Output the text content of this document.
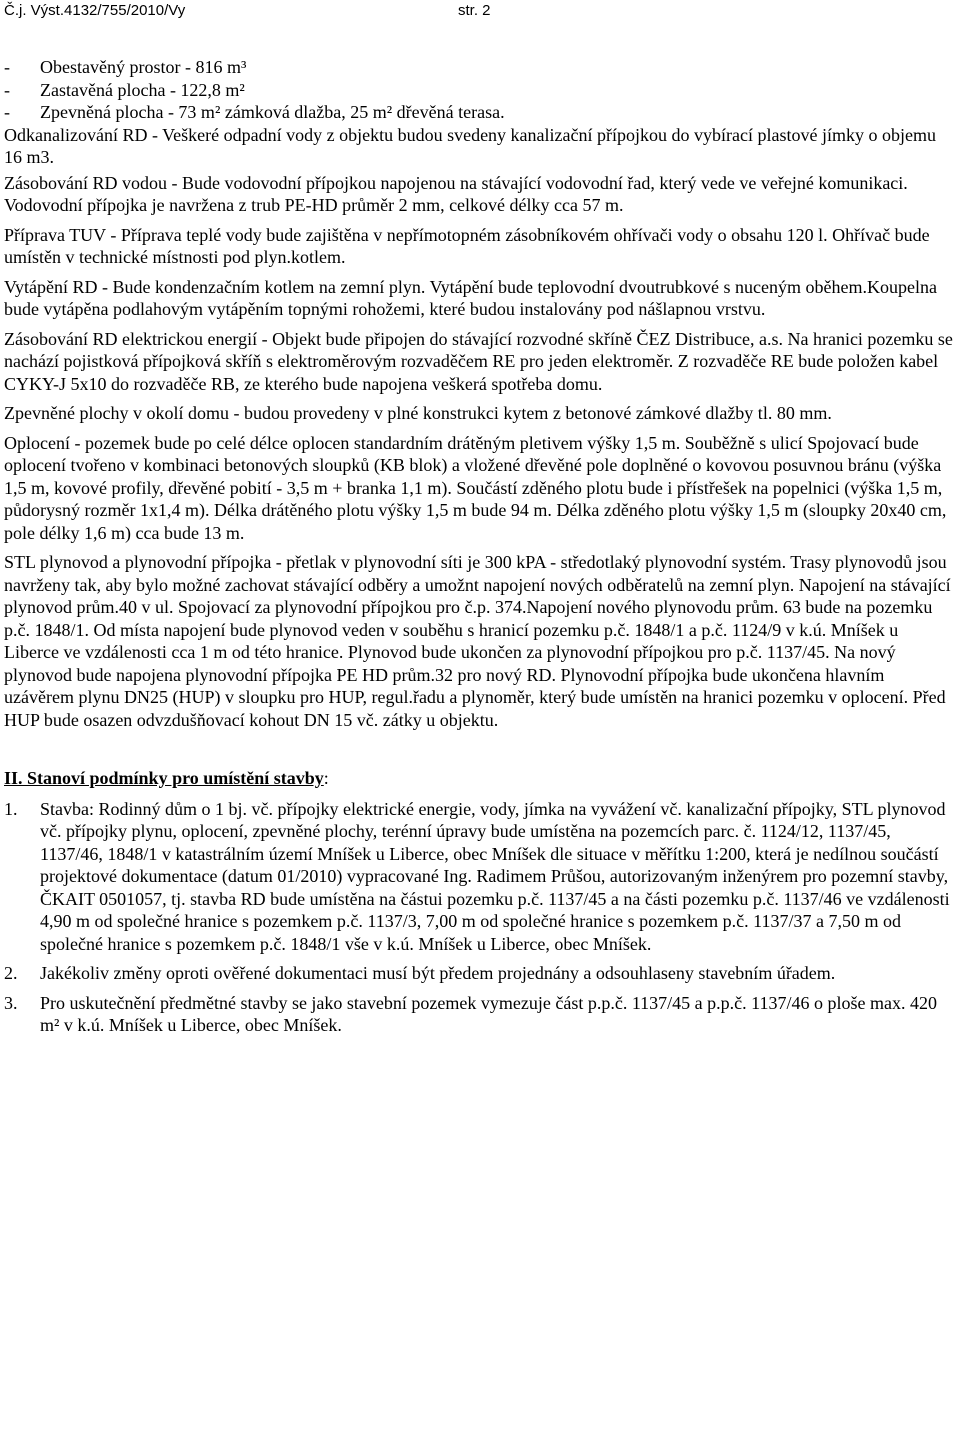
Č.j. Výst.4132/755/2010/Vy	str. 2
-	Obestavěný prostor - 816 m³
-	Zastavěná plocha - 122,8 m²
-	Zpevněná plocha - 73 m² zámková dlažba, 25 m² dřevěná terasa.

Odkanalizování RD - Veškeré odpadní vody z objektu budou svedeny kanalizační přípojkou do vybírací plastové jímky o objemu 16 m3.

Zásobování RD vodou - Bude vodovodní přípojkou napojenou na stávající vodovodní řad, který vede ve veřejné komunikaci. Vodovodní přípojka je navržena z trub PE-HD průměr 2 mm, celkové délky cca 57 m.

Příprava TUV - Příprava teplé vody bude zajištěna v nepřímotopném zásobníkovém ohřívači vody o obsahu 120 l. Ohřívač bude umístěn v technické místnosti pod plyn.kotlem.

Vytápění RD - Bude kondenzačním kotlem na zemní plyn. Vytápění bude teplovodní dvoutrubkové s nuceným oběhem.Koupelna bude vytápěna podlahovým vytápěním topnými rohožemi, které budou instalovány pod nášlapnou vrstvu.

Zásobování RD elektrickou energií - Objekt bude připojen do stávající rozvodné skříně ČEZ Distribuce, a.s. Na hranici pozemku se nachází pojistková přípojková skříň s elektroměrovým rozvaděčem RE pro jeden elektroměr. Z rozvaděče RE bude položen kabel CYKY-J 5x10 do rozvaděče RB, ze kterého bude napojena veškerá spotřeba domu.

Zpevněné plochy v okolí domu - budou provedeny v plné konstrukci kytem z betonové zámkové dlažby tl. 80 mm.

Oplocení - pozemek bude po celé délce oplocen standardním drátěným pletivem výšky 1,5 m. Souběžně s ulicí Spojovací bude oplocení tvořeno v kombinaci betonových sloupků (KB blok) a vložené dřevěné pole doplněné o kovovou posuvnou bránu (výška 1,5 m, kovové profily, dřevěné pobití - 3,5 m + branka 1,1 m). Součástí zděného plotu bude i přístřešek na popelnici (výška 1,5 m, půdorysný rozměr 1x1,4 m). Délka drátěného plotu výšky 1,5 m bude 94 m. Délka zděného plotu výšky 1,5 m (sloupky 20x40 cm, pole délky 1,6 m) cca bude 13 m.

STL plynovod a plynovodní přípojka - přetlak v plynovodní síti je 300 kPA - středotlaký plynovodní systém. Trasy plynovodů jsou navrženy tak, aby bylo možné zachovat stávající odběry a umožnt napojení nových odběratelů na zemní plyn. Napojení na stávající plynovod prům.40 v ul. Spojovací za plynovodní přípojkou pro č.p. 374.Napojení nového plynovodu prům. 63 bude na pozemku p.č. 1848/1. Od místa napojení bude plynovod veden v souběhu s hranicí pozemku p.č. 1848/1 a p.č. 1124/9 v k.ú. Mníšek u Liberce ve vzdálenosti cca 1 m od této hranice. Plynovod bude ukončen za plynovodní přípojkou pro p.č. 1137/45. Na nový plynovod bude napojena plynovodní přípojka PE HD prům.32 pro nový RD. Plynovodní přípojka bude ukončena hlavním uzávěrem plynu DN25 (HUP) v sloupku pro HUP, regul.řadu a plynoměr, který bude umístěn na hranici pozemku v oplocení. Před HUP bude osazen odvzdušňovací kohout DN 15 vč. zátky u objektu.

II. Stanoví podmínky pro umístění stavby:

1.	Stavba: Rodinný dům o 1 bj. vč. přípojky elektrické energie, vody, jímka na vyvážení vč. kanalizační přípojky, STL plynovod vč. přípojky plynu, oplocení, zpevněné plochy, terénní úpravy bude umístěna na pozemcích parc. č. 1124/12, 1137/45, 1137/46, 1848/1 v katastrálním území Mníšek u Liberce, obec Mníšek dle situace v měřítku 1:200, která je nedílnou součástí projektové dokumentace (datum 01/2010) vypracované Ing. Radimem Průšou, autorizovaným inženýrem pro pozemní stavby, ČKAIT 0501057, tj. stavba RD bude umístěna na částui pozemku p.č. 1137/45 a na části pozemku p.č. 1137/46 ve vzdálenosti 4,90 m od společné hranice s pozemkem p.č. 1137/3, 7,00 m od společné hranice s pozemkem p.č. 1137/37 a 7,50 m od společné hranice s pozemkem p.č. 1848/1 vše v k.ú. Mníšek u Liberce, obec Mníšek.
2.	Jakékoliv změny oproti ověřené dokumentaci musí být předem projednány a odsouhlaseny stavebním úřadem.
3.	Pro uskutečnění předmětné stavby se jako stavební pozemek vymezuje část p.p.č. 1137/45 a p.p.č. 1137/46 o ploše max. 420 m² v k.ú. Mníšek u Liberce, obec Mníšek.
